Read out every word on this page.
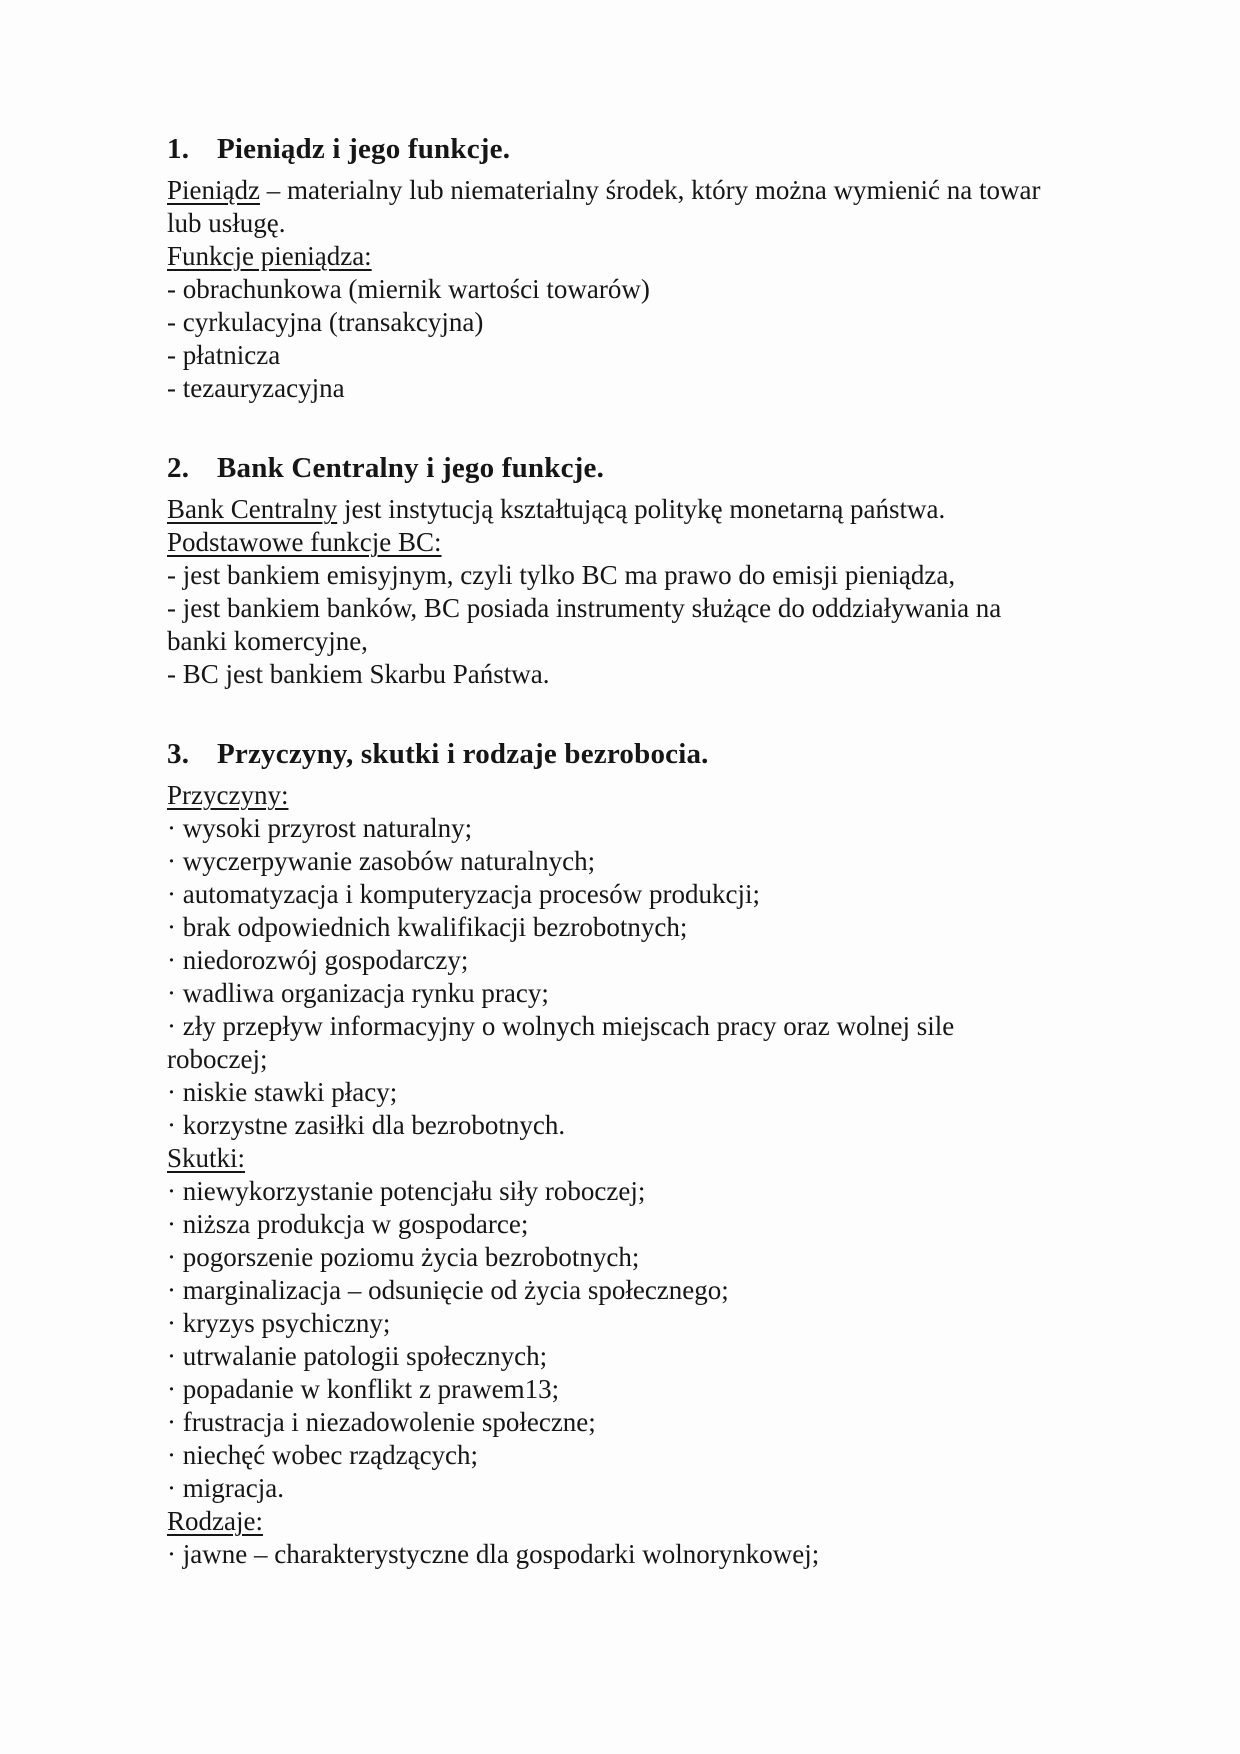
1. Pieniądz i jego funkcje.

Pieniądz – materialny lub niematerialny środek, który można wymienić na towar lub usługę.

Funkcje pieniądza:

- obrachunkowa (miernik wartości towarów)

- cyrkulacyjna (transakcyjna)

- płatnicza

- tezauryzacyjna

2. Bank Centralny i jego funkcje.

Bank Centralny jest instytucją kształtującą politykę monetarną państwa.

Podstawowe funkcje BC:

- jest bankiem emisyjnym, czyli tylko BC ma prawo do emisji pieniądza,

- jest bankiem banków, BC posiada instrumenty służące do oddziaływania na banki komercyjne,

- BC jest bankiem Skarbu Państwa.

3. Przyczyny, skutki i rodzaje bezrobocia.

Przyczyny:

· wysoki przyrost naturalny;

· wyczerpywanie zasobów naturalnych;

· automatyzacja i komputeryzacja procesów produkcji;

· brak odpowiednich kwalifikacji bezrobotnych;

· niedorozwój gospodarczy;

· wadliwa organizacja rynku pracy;

· zły przepływ informacyjny o wolnych miejscach pracy oraz wolnej sile roboczej;

· niskie stawki płacy;

· korzystne zasiłki dla bezrobotnych.

Skutki:

· niewykorzystanie potencjału siły roboczej;

· niższa produkcja w gospodarce;

· pogorszenie poziomu życia bezrobotnych;

· marginalizacja – odsunięcie od życia społecznego;

· kryzys psychiczny;

· utrwalanie patologii społecznych;

· popadanie w konflikt z prawem13;

· frustracja i niezadowolenie społeczne;

· niechęć wobec rządzących;

· migracja.

Rodzaje:

· jawne – charakterystyczne dla gospodarki wolnorynkowej;
